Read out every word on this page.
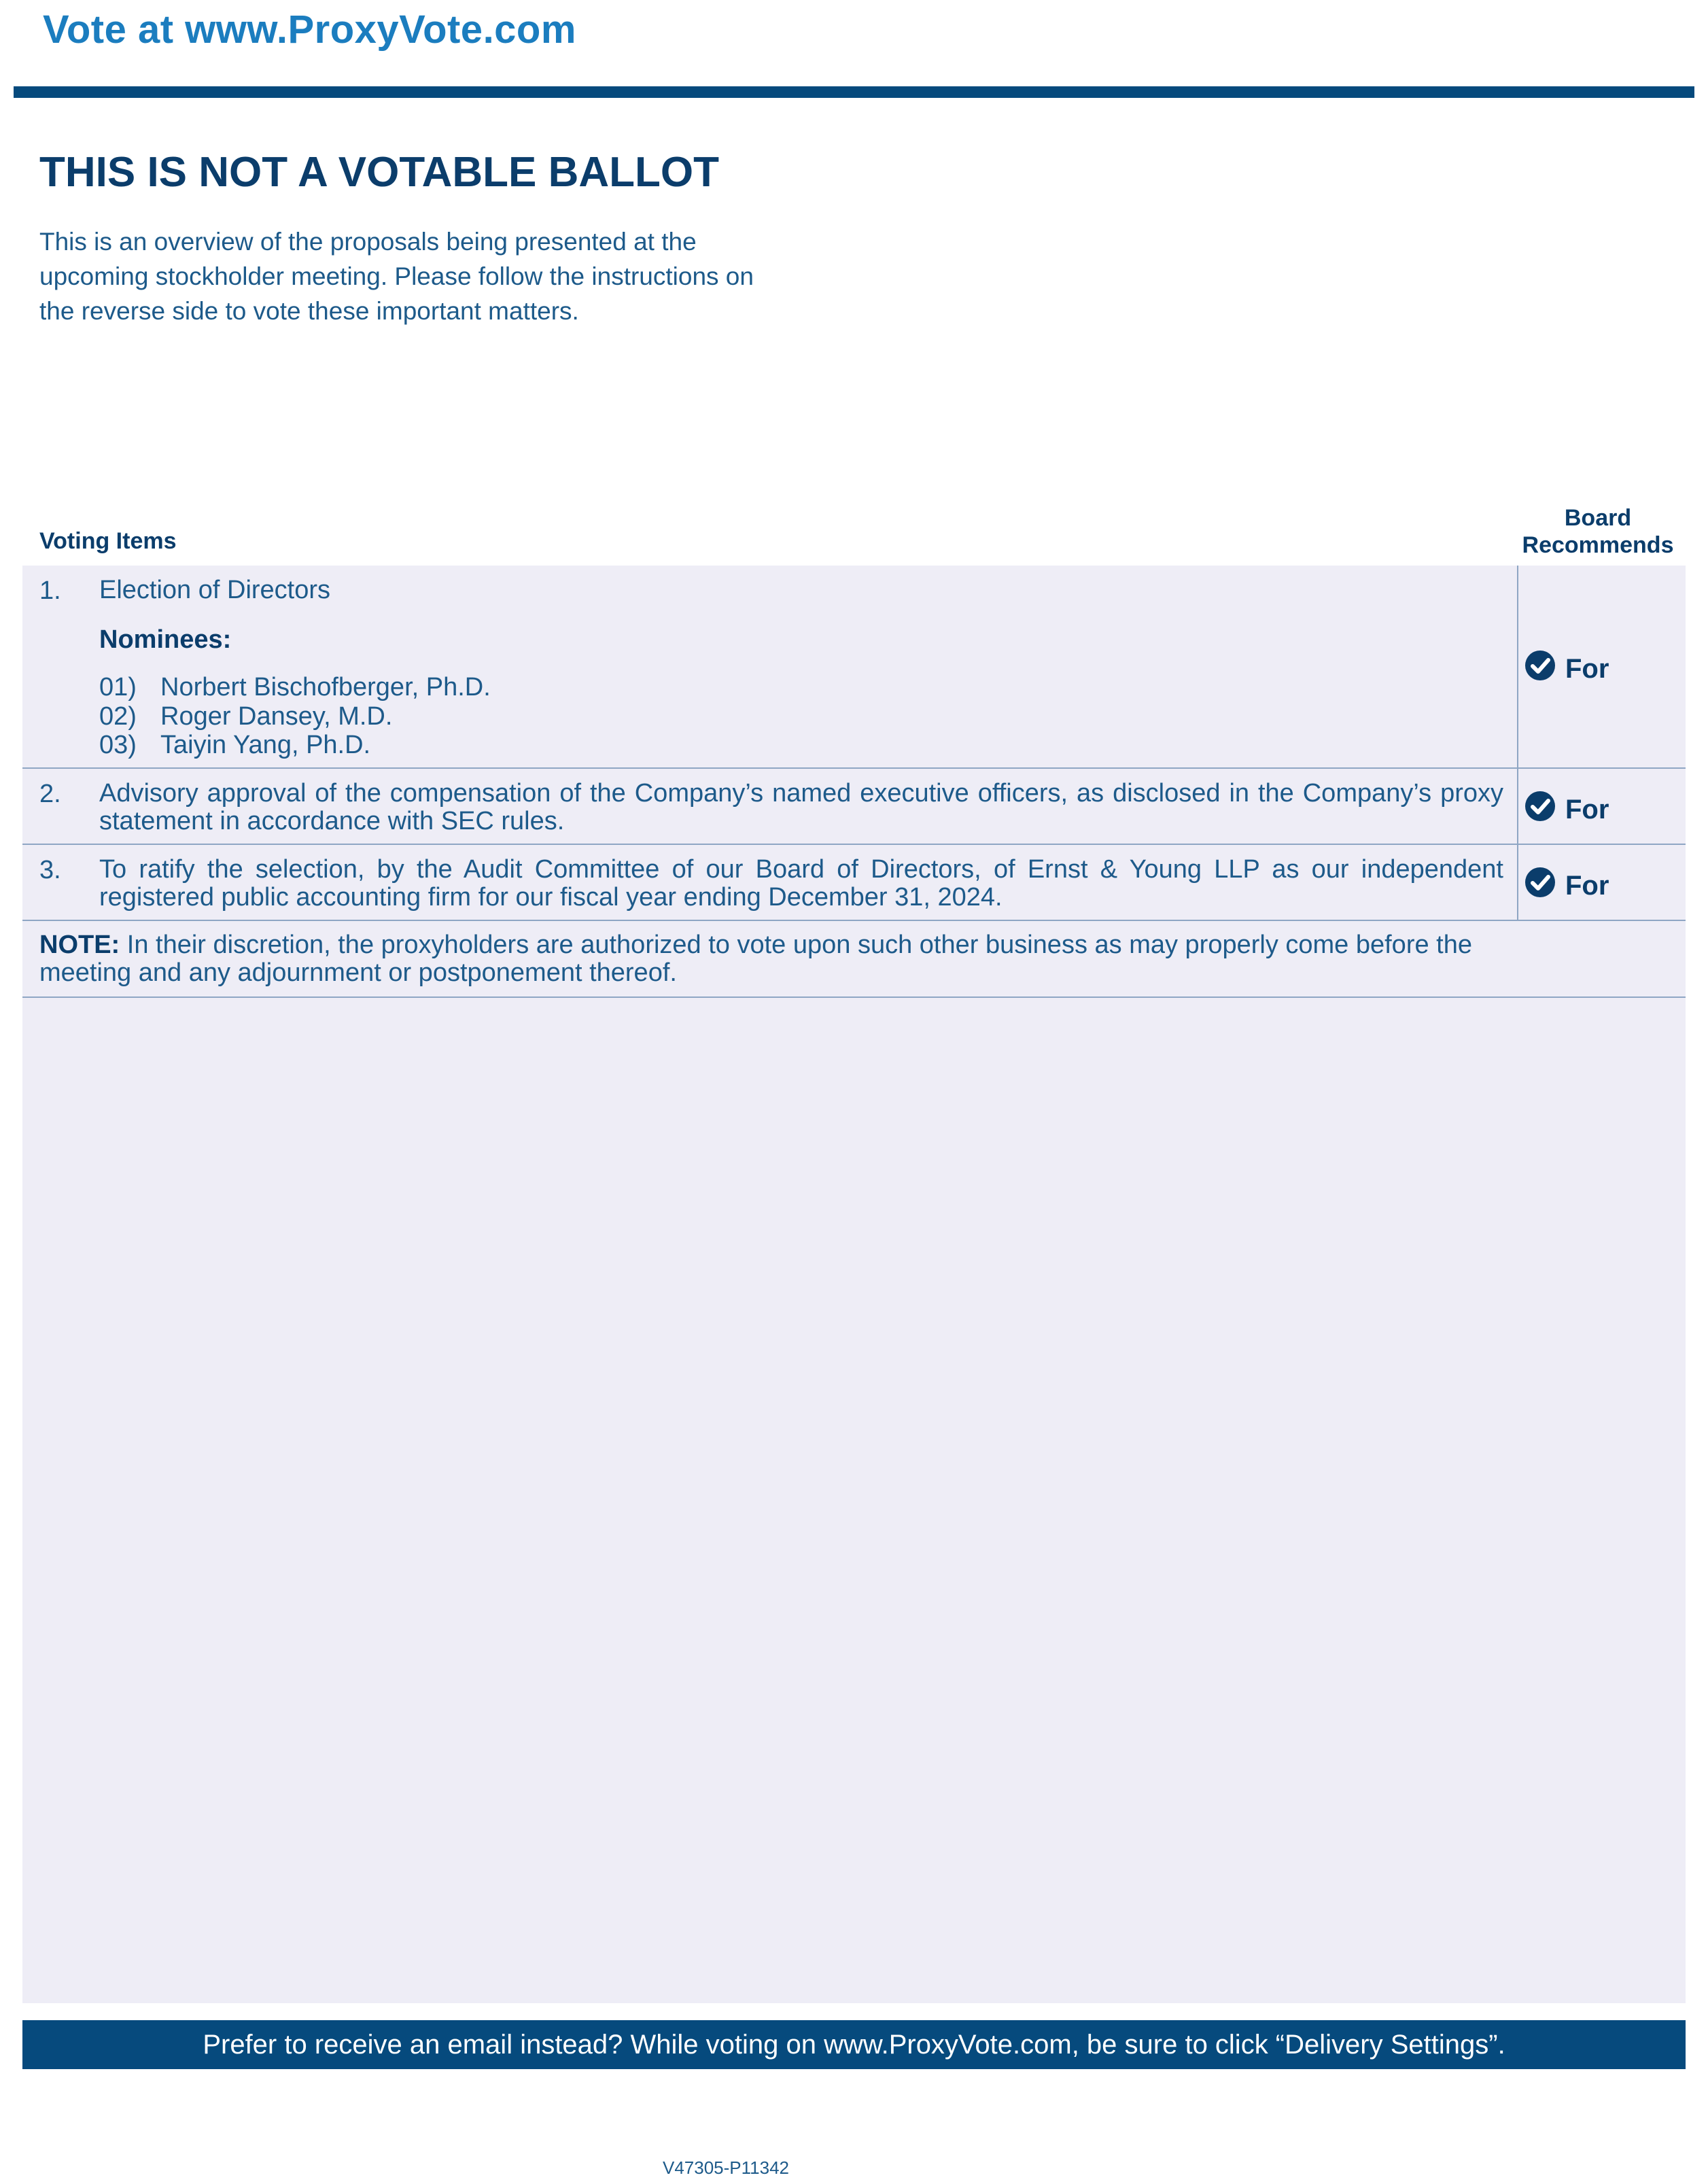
Vote at www.ProxyVote.com
THIS IS NOT A VOTABLE BALLOT
This is an overview of the proposals being presented at the
upcoming stockholder meeting. Please follow the instructions on
the reverse side to vote these important matters.
Voting Items
Board
Recommends
1. Election of Directors
Nominees:
01) Norbert Bischofberger, Ph.D.
02) Roger Dansey, M.D.
03) Taiyin Yang, Ph.D.
For
2. Advisory approval of the compensation of the Company’s named executive officers, as disclosed in the Company’s proxy statement in accordance with SEC rules.	For
3. To ratify the selection, by the Audit Committee of our Board of Directors, of Ernst & Young LLP as our independent registered public accounting firm for our fiscal year ending December 31, 2024.	For
NOTE: In their discretion, the proxyholders are authorized to vote upon such other business as may properly come before the meeting and any adjournment or postponement thereof.
Prefer to receive an email instead? While voting on www.ProxyVote.com, be sure to click “Delivery Settings”.
V47305-P11342
